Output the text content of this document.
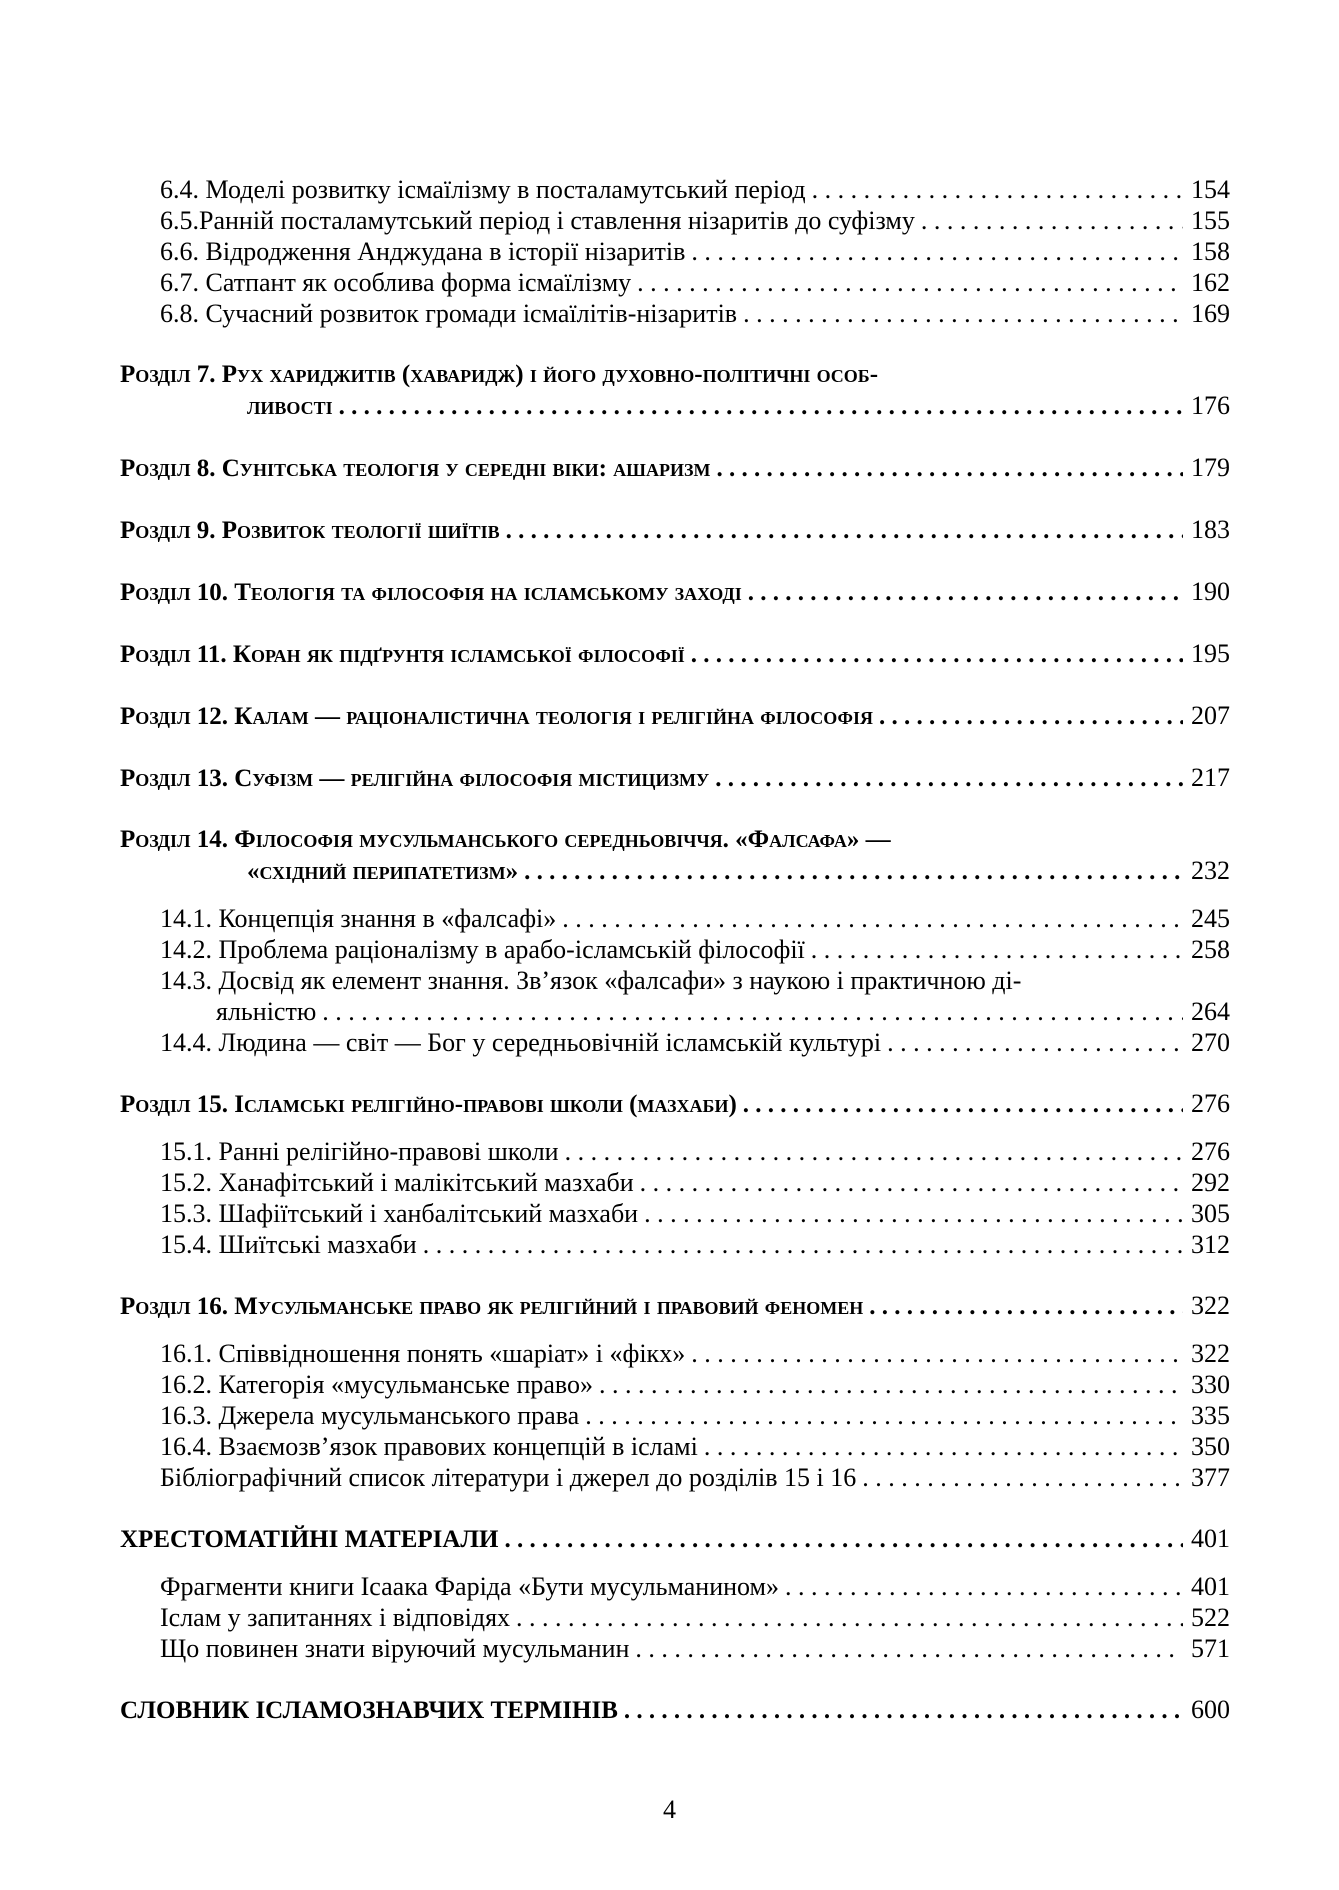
6.4. Моделі розвитку ісмаїлізму в посталамутський період . . .	154
6.5.Ранній посталамутський період і ставлення нізаритів до суфізму . . .	155
6.6. Відродження Анджудана в історії нізаритів . . .	158
6.7. Сатпант як особлива форма ісмаїлізму . . .	162
6.8. Сучасний розвиток громади ісмаїлітів-нізаритів . . .	169
Розділ 7. Рух хариджитів (хаваридж) і його духовно-політичні особ-
ливості . . .	176
Розділ 8. Сунітська теологія у середні віки: ашаризм . . .	179
Розділ 9. Розвиток теології шиїтів . . .	183
Розділ 10. Теологія та філософія на ісламському заході . . .	190
Розділ 11. Коран як підґрунтя ісламської філософії . . .	195
Розділ 12. Калам — раціоналістична теологія і релігійна філософія . . .	207
Розділ 13. Суфізм — релігійна філософія містицизму . . .	217
Розділ 14. Філософія мусульманського середньовіччя. «Фалсафа» —
«східний перипатетизм» . . .	232
14.1. Концепція знання в «фалсафі» . . .	245
14.2. Проблема раціоналізму в арабо-ісламській філософії . . .	258
14.3. Досвід як елемент знання. Зв’язок «фалсафи» з наукою і практичною ді-
яльністю . . .	264
14.4. Людина — світ — Бог у середньовічній ісламській культурі . . .	270
Розділ 15. Ісламські релігійно-правові школи (мазхаби) . . .	276
15.1. Ранні релігійно-правові школи . . .	276
15.2. Ханафітський і малікітський мазхаби . . .	292
15.3. Шафіїтський і ханбалітський мазхаби . . .	305
15.4. Шиїтські мазхаби . . .	312
Розділ 16. Мусульманське право як релігійний і правовий феномен . . .	322
16.1. Співвідношення понять «шаріат» і «фікх» . . .	322
16.2. Категорія «мусульманське право» . . .	330
16.3. Джерела мусульманського права . . .	335
16.4. Взаємозв’язок правових концепцій в ісламі . . .	350
Бібліографічний список літератури і джерел до розділів 15 і 16 . . .	377
ХРЕСТОМАТІЙНІ МАТЕРІАЛИ . . .	401
Фрагменти книги Ісаака Фаріда «Бути мусульманином» . . .	401
Іслам у запитаннях і відповідях . . .	522
Що повинен знати віруючий мусульманин . . .	571
СЛОВНИК ІСЛАМОЗНАВЧИХ ТЕРМІНІВ . . .	600
4
